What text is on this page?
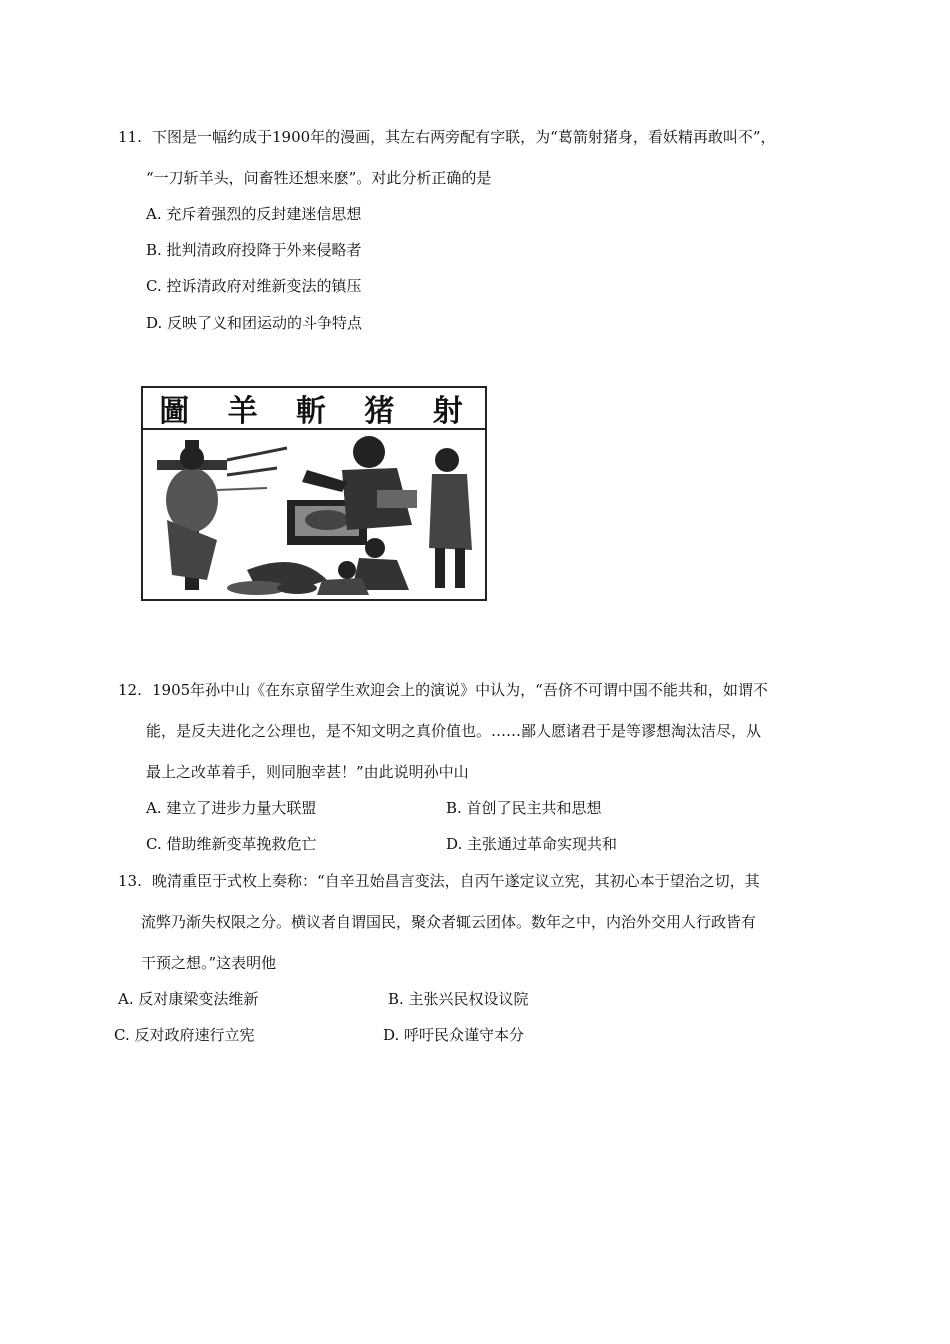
11. 下图是一幅约成于1900年的漫画，其左右两旁配有字联，为“葛箭射猪身，看妖精再敢叫不”，
“一刀斩羊头，问畜牲还想来麽”。对此分析正确的是
A. 充斥着强烈的反封建迷信思想
B. 批判清政府投降于外来侵略者
C. 控诉清政府对维新变法的镇压
D. 反映了义和团运动的斗争特点
圖 羊 斬 猪 射
12. 1905年孙中山《在东京留学生欢迎会上的演说》中认为，“吾侪不可谓中国不能共和，如谓不
能，是反夫进化之公理也，是不知文明之真价值也。……鄙人愿诸君于是等谬想淘汰洁尽，从
最上之改革着手，则同胞幸甚！”由此说明孙中山
A. 建立了进步力量大联盟	B. 首创了民主共和思想
C. 借助维新变革挽救危亡	D. 主张通过革命实现共和
13. 晚清重臣于式枚上奏称：“自辛丑始昌言变法，自丙午遂定议立宪，其初心本于望治之切，其
流弊乃渐失权限之分。横议者自谓国民，聚众者辄云团体。数年之中，内治外交用人行政皆有
干预之想。”这表明他
A. 反对康梁变法维新	B. 主张兴民权设议院
C. 反对政府速行立宪	D. 呼吁民众谨守本分
